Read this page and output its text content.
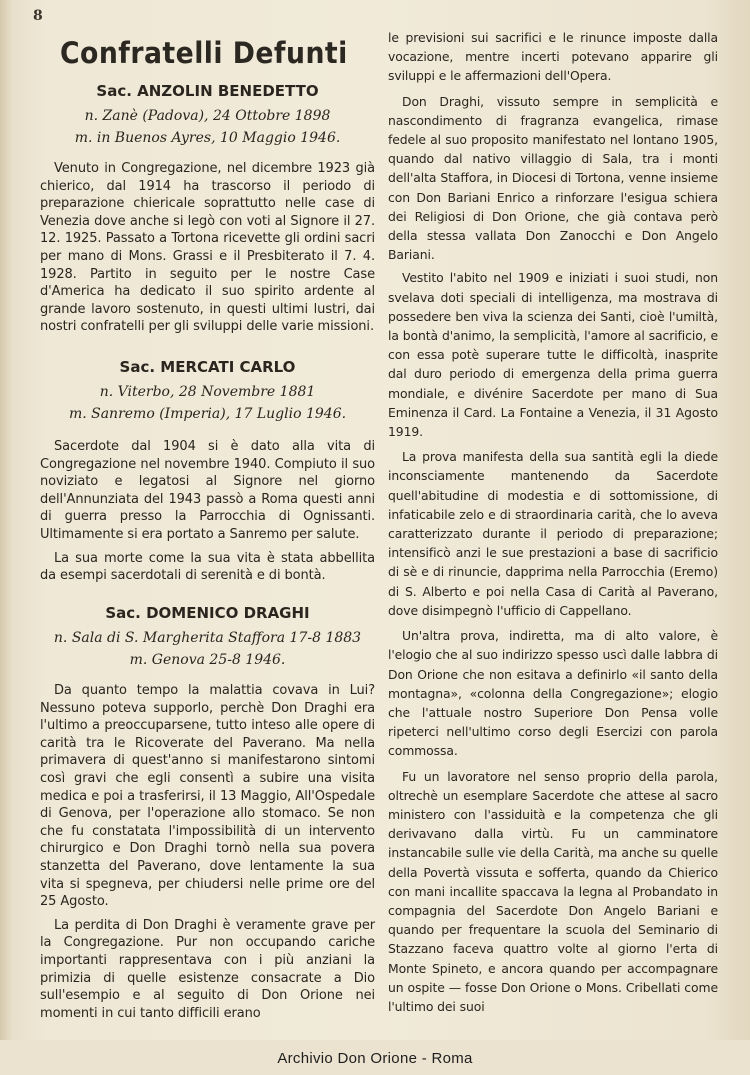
8
Confratelli Defunti

Sac. ANZOLIN BENEDETTO

n. Zanè (Padova), 24 Ottobre 1898

m. in Buenos Ayres, 10 Maggio 1946.

Venuto in Congregazione, nel dicembre 1923 già chierico, dal 1914 ha trascorso il periodo di preparazione chiericale soprattutto nelle case di Venezia dove anche si legò con voti al Signore il 27. 12. 1925. Passato a Tortona ricevette gli ordini sacri per mano di Mons. Grassi e il Presbiterato il 7. 4. 1928. Partito in seguito per le nostre Case d'America ha dedicato il suo spirito ardente al grande lavoro sostenuto, in questi ultimi lustri, dai nostri confratelli per gli sviluppi delle varie missioni.

Sac. MERCATI CARLO

n. Viterbo, 28 Novembre 1881

m. Sanremo (Imperia), 17 Luglio 1946.

Sacerdote dal 1904 si è dato alla vita di Congregazione nel novembre 1940. Compiuto il suo noviziato e legatosi al Signore nel giorno dell'Annunziata del 1943 passò a Roma questi anni di guerra presso la Parrocchia di Ognissanti. Ultimamente si era portato a Sanremo per salute.

La sua morte come la sua vita è stata abbellita da esempi sacerdotali di serenità e di bontà.

Sac. DOMENICO DRAGHI

n. Sala di S. Margherita Staffora 17-8 1883

m. Genova 25-8 1946.

Da quanto tempo la malattia covava in Lui? Nessuno poteva supporlo, perchè Don Draghi era l'ultimo a preoccuparsene, tutto inteso alle opere di carità tra le Ricoverate del Paverano. Ma nella primavera di quest'anno si manifestarono sintomi così gravi che egli consentì a subire una visita medica e poi a trasferirsi, il 13 Maggio, All'Ospedale di Genova, per l'operazione allo stomaco. Se non che fu constatata l'impossibilità di un intervento chirurgico e Don Draghi tornò nella sua povera stanzetta del Paverano, dove lentamente la sua vita si spegneva, per chiudersi nelle prime ore del 25 Agosto.

La perdita di Don Draghi è veramente grave per la Congregazione. Pur non occupando cariche importanti rappresentava con i più anziani la primizia di quelle esistenze consacrate a Dio sull'esempio e al seguito di Don Orione nei momenti in cui tanto difficili erano

le previsioni sui sacrifici e le rinunce imposte dalla vocazione, mentre incerti potevano apparire gli sviluppi e le affermazioni dell'Opera.

Don Draghi, vissuto sempre in semplicità e nascondimento di fragranza evangelica, rimase fedele al suo proposito manifestato nel lontano 1905, quando dal nativo villaggio di Sala, tra i monti dell'alta Staffora, in Diocesi di Tortona, venne insieme con Don Bariani Enrico a rinforzare l'esigua schiera dei Religiosi di Don Orione, che già contava però della stessa vallata Don Zanocchi e Don Angelo Bariani.

Vestito l'abito nel 1909 e iniziati i suoi studi, non svelava doti speciali di intelligenza, ma mostrava di possedere ben viva la scienza dei Santi, cioè l'umiltà, la bontà d'animo, la semplicità, l'amore al sacrificio, e con essa potè superare tutte le difficoltà, inasprite dal duro periodo di emergenza della prima guerra mondiale, e divénire Sacerdote per mano di Sua Eminenza il Card. La Fontaine a Venezia, il 31 Agosto 1919.

La prova manifesta della sua santità egli la diede inconsciamente mantenendo da Sacerdote quell'abitudine di modestia e di sottomissione, di infaticabile zelo e di straordinaria carità, che lo aveva caratterizzato durante il periodo di preparazione; intensificò anzi le sue prestazioni a base di sacrificio di sè e di rinuncie, dapprima nella Parrocchia (Eremo) di S. Alberto e poi nella Casa di Carità al Paverano, dove disimpegnò l'ufficio di Cappellano.

Un'altra prova, indiretta, ma di alto valore, è l'elogio che al suo indirizzo spesso uscì dalle labbra di Don Orione che non esitava a definirlo «il santo della montagna», «colonna della Congregazione»; elogio che l'attuale nostro Superiore Don Pensa volle ripeterci nell'ultimo corso degli Esercizi con parola commossa.

Fu un lavoratore nel senso proprio della parola, oltrechè un esemplare Sacerdote che attese al sacro ministero con l'assiduità e la competenza che gli derivavano dalla virtù. Fu un camminatore instancabile sulle vie della Carità, ma anche su quelle della Povertà vissuta e sofferta, quando da Chierico con mani incallite spaccava la legna al Probandato in compagnia del Sacerdote Don Angelo Bariani e quando per frequentare la scuola del Seminario di Stazzano faceva quattro volte al giorno l'erta di Monte Spineto, e ancora quando per accompagnare un ospite — fosse Don Orione o Mons. Cribellati come l'ultimo dei suoi

Archivio Don Orione - Roma
